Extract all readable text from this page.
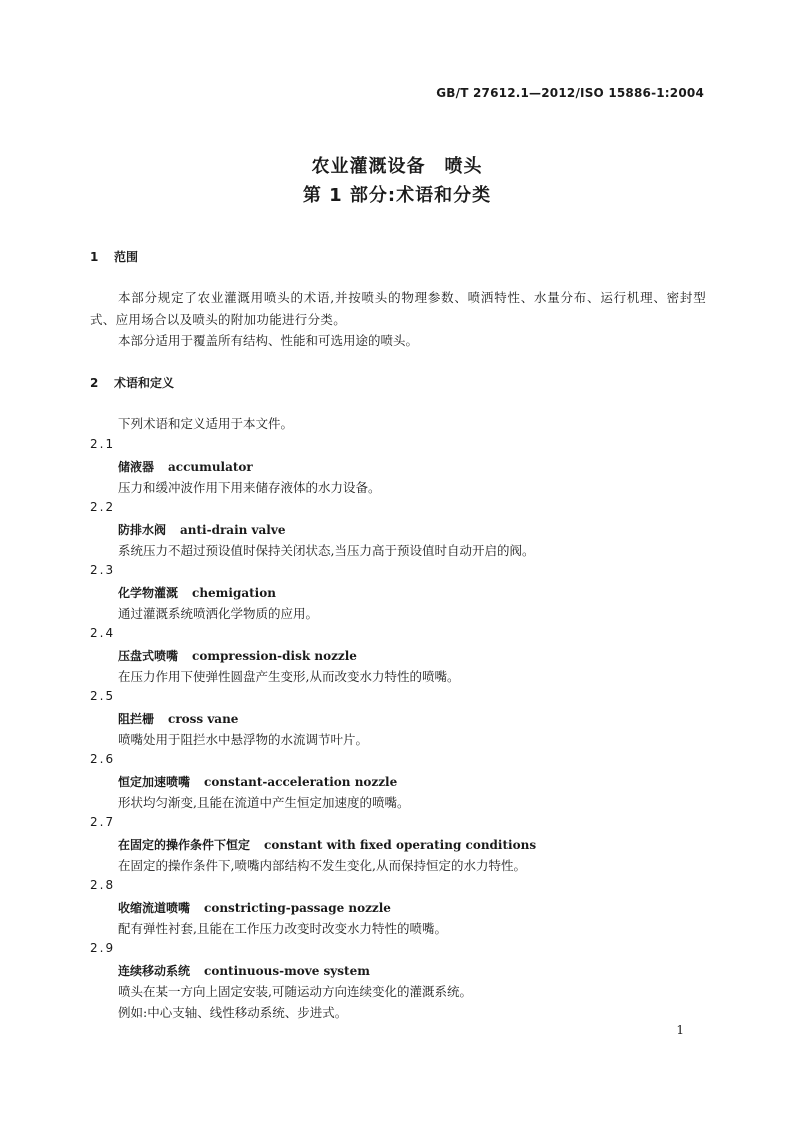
GB/T 27612.1—2012/ISO 15886-1:2004
农业灌溉设备　喷头
第 1 部分:术语和分类
1 范围
本部分规定了农业灌溉用喷头的术语,并按喷头的物理参数、喷洒特性、水量分布、运行机理、密封型式、应用场合以及喷头的附加功能进行分类。
本部分适用于覆盖所有结构、性能和可选用途的喷头。
2 术语和定义
下列术语和定义适用于本文件。
2.1
储液器 accumulator
压力和缓冲波作用下用来储存液体的水力设备。
2.2
防排水阀 anti-drain valve
系统压力不超过预设值时保持关闭状态,当压力高于预设值时自动开启的阀。
2.3
化学物灌溉 chemigation
通过灌溉系统喷洒化学物质的应用。
2.4
压盘式喷嘴 compression-disk nozzle
在压力作用下使弹性圆盘产生变形,从而改变水力特性的喷嘴。
2.5
阻拦栅 cross vane
喷嘴处用于阻拦水中悬浮物的水流调节叶片。
2.6
恒定加速喷嘴 constant-acceleration nozzle
形状均匀渐变,且能在流道中产生恒定加速度的喷嘴。
2.7
在固定的操作条件下恒定 constant with fixed operating conditions
在固定的操作条件下,喷嘴内部结构不发生变化,从而保持恒定的水力特性。
2.8
收缩流道喷嘴 constricting-passage nozzle
配有弹性衬套,且能在工作压力改变时改变水力特性的喷嘴。
2.9
连续移动系统 continuous-move system
喷头在某一方向上固定安装,可随运动方向连续变化的灌溉系统。
例如:中心支轴、线性移动系统、步进式。
1
